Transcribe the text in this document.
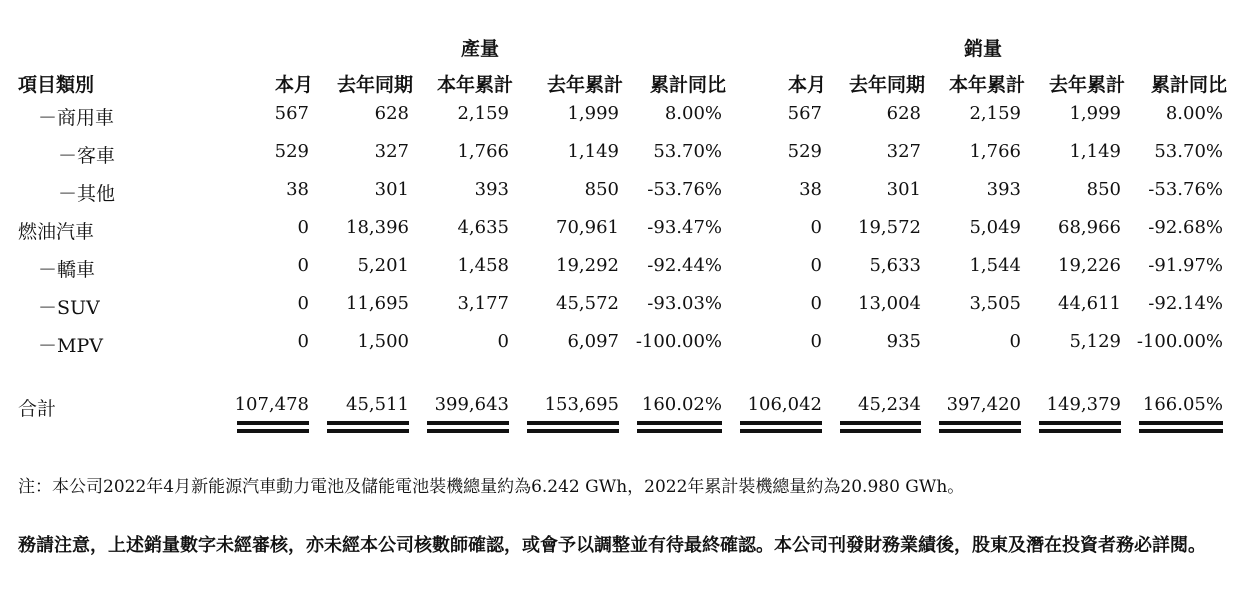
產量	銷量
項目類別	本月	去年同期	本年累計	去年累計	累計同比	本月	去年同期	本年累計	去年累計	累計同比
－商用車	567	628	2,159	1,999	8.00%	567	628	2,159	1,999	8.00%
－客車	529	327	1,766	1,149	53.70%	529	327	1,766	1,149	53.70%
－其他	38	301	393	850	-53.76%	38	301	393	850	-53.76%
燃油汽車	0	18,396	4,635	70,961	-93.47%	0	19,572	5,049	68,966	-92.68%
－轎車	0	5,201	1,458	19,292	-92.44%	0	5,633	1,544	19,226	-91.97%
－SUV	0	11,695	3,177	45,572	-93.03%	0	13,004	3,505	44,611	-92.14%
－MPV	0	1,500	0	6,097 -100.00%	0	935	0	5,129 -100.00%
合計	107,478	45,511	399,643	153,695	160.02%	106,042	45,234	397,420	149,379	166.05%
注：本公司2022年4月新能源汽車動力電池及儲能電池裝機總量約為6.242 GWh，2022年累計裝機總量約為20.980 GWh。
務請注意，上述銷量數字未經審核，亦未經本公司核數師確認，或會予以調整並有待最終確認。本公司刊發財務業績後，股東及潛在投資者務必詳閱。
